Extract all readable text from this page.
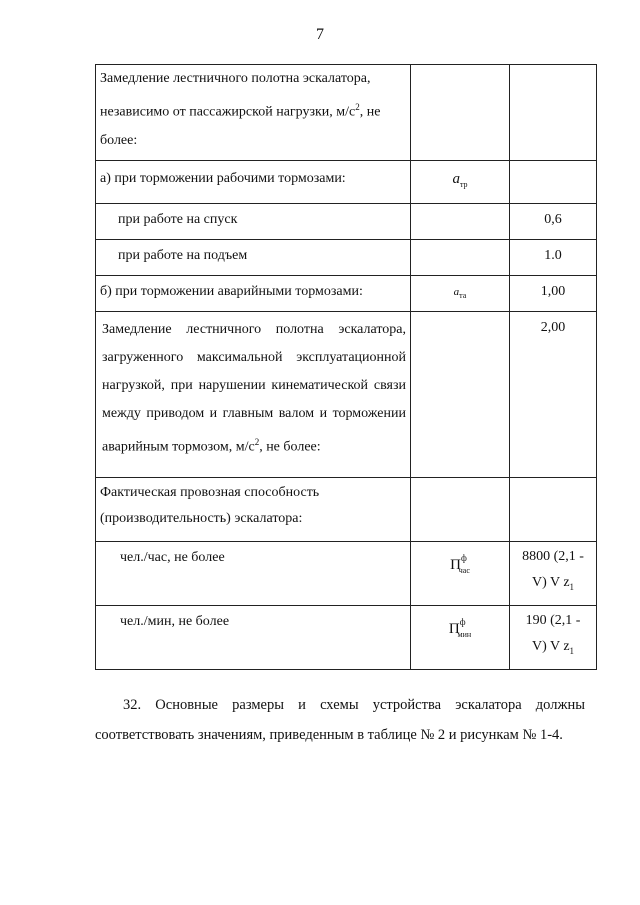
7
Замедление лестничного полотна эскалатора, независимо от пассажирской нагрузки, $м/с^2$, не более:		
а) при торможении рабочими тормозами:	$a_{тр}$	
при работе на спуск		0,6
при работе на подъем		1.0
б) при торможении аварийными тормозами:	$a_{та}$	1,00
Замедление лестничного полотна эскалатора, загруженного максимальной эксплуатационной нагрузкой, при нарушении кинематической связи между приводом и главным валом и торможении аварийным тормозом, $м/с^2$, не более:		2,00
Фактическая провозная способность (производительность) эскалатора:		
чел./час, не более	$П^ф_{час}$	8800 (2,1 -
V) V $z_1$

чел./мин, не более	$П^ф_{мин}$	190 (2,1 -
V) V $z_1$
32. Основные размеры и схемы устройства эскалатора должны соответствовать значениям, приведенным в таблице № 2 и рисункам № 1-4.
